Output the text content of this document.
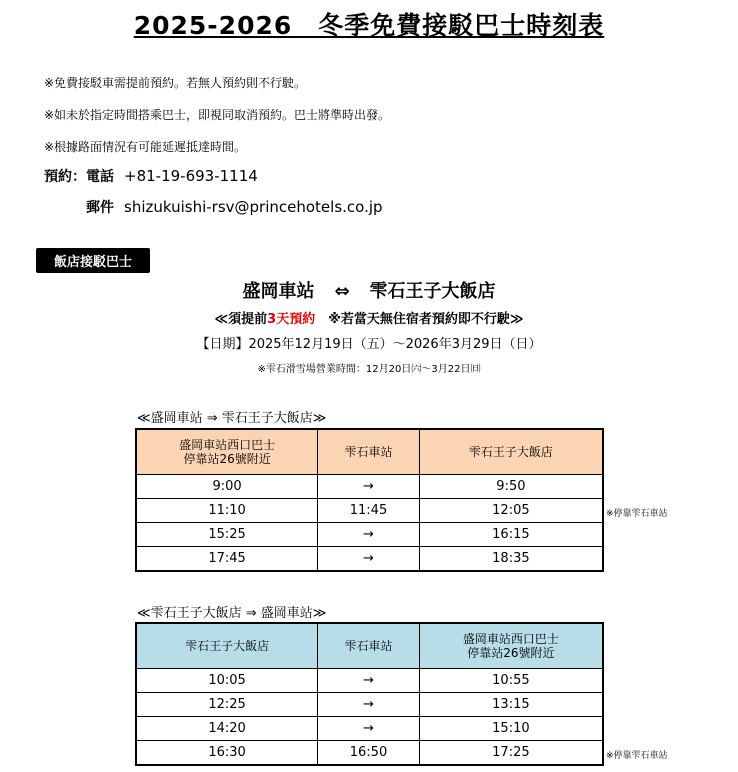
2025-2026　冬季免費接駁巴士時刻表
※免費接駁車需提前預約。若無人預約則不行駛。
※如未於指定時間搭乘巴士，即視同取消預約。巴士將準時出發。
※根據路面情況有可能延遲抵達時間。
預約：電話 +81-19-693-1114
郵件 shizukuishi-rsv@princehotels.co.jp
飯店接駁巴士
盛岡車站 ⇔ 雫石王子大飯店
≪須提前3天預約　※若當天無住宿者預約即不行駛≫
【日期】2025年12月19日（五）～2026年3月29日（日）
※雫石滑雪場營業時間：12月20日㈥～3月22日㈰
≪盛岡車站 ⇒ 雫石王子大飯店≫
盛岡車站西口巴士
停靠站26號附近	雫石車站	雫石王子大飯店
9:00	→	9:50
11:10	11:45	12:05
15:25	→	16:15
17:45	→	18:35
※停靠雫石車站
≪雫石王子大飯店 ⇒ 盛岡車站≫
雫石王子大飯店	雫石車站	盛岡車站西口巴士
停靠站26號附近
10:05	→	10:55
12:25	→	13:15
14:20	→	15:10
16:30	16:50	17:25	※停靠雫石車站
